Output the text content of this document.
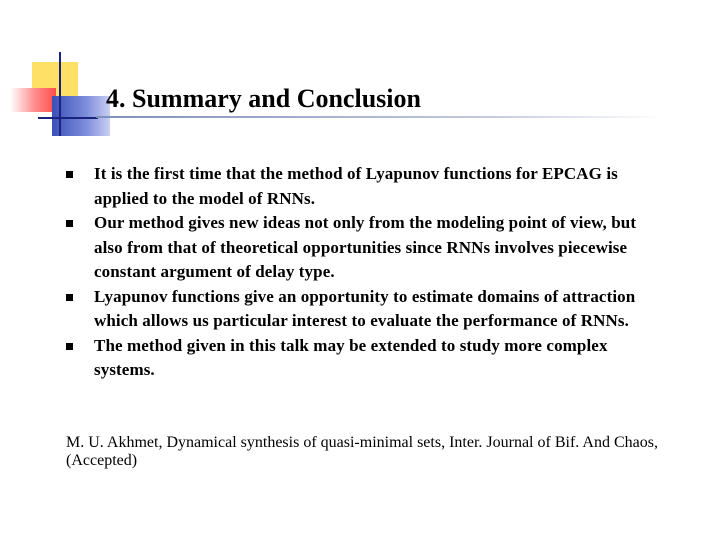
4. Summary and Conclusion
It is the first time that the method of Lyapunov functions for EPCAG is applied to the model of RNNs.
Our method gives new ideas not only from the modeling point of view, but also from that of theoretical opportunities since RNNs involves piecewise constant argument of delay type.
Lyapunov functions give an opportunity to estimate domains of attraction which allows us particular interest to evaluate the performance of RNNs.
The method given in this talk may be extended to study more complex systems.

M. U. Akhmet, Dynamical synthesis of quasi-minimal sets, Inter. Journal of Bif. And Chaos, (Accepted)
